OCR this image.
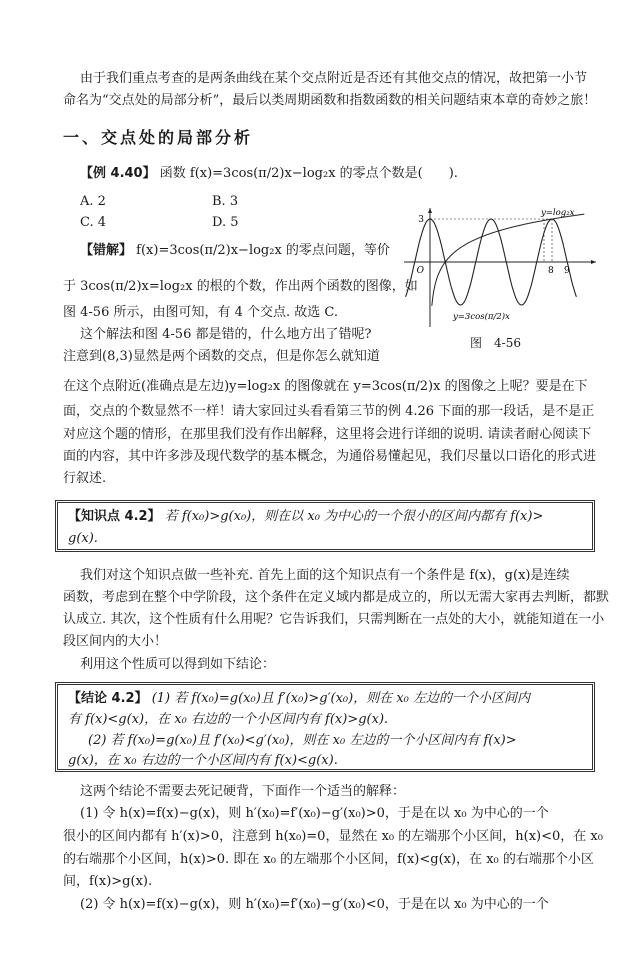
由于我们重点考查的是两条曲线在某个交点附近是否还有其他交点的情况，故把第一小节
命名为“交点处的局部分析”，最后以类周期函数和指数函数的相关问题结束本章的奇妙之旅！
一、交点处的局部分析
【例 4.40】 函数 f(x)=3cos(π/2)x−log₂x 的零点个数是(　　).
A. 2	B. 3
C. 4	D. 5
【错解】 f(x)=3cos(π/2)x−log₂x 的零点问题，等价
于 3cos(π/2)x=log₂x 的根的个数，作出两个函数的图像，如
图 4-56 所示，由图可知，有 4 个交点. 故选 C.
这个解法和图 4-56 都是错的，什么地方出了错呢?
注意到(8,3)显然是两个函数的交点，但是你怎么就知道
3
O	8 9
y=log₂x
y=3cos(π/2)x
图　4-56
在这个点附近(准确点是左边)y=log₂x 的图像就在 y=3cos(π/2)x 的图像之上呢？要是在下
面，交点的个数显然不一样！请大家回过头看看第三节的例 4.26 下面的那一段话，是不是正
对应这个题的情形，在那里我们没有作出解释，这里将会进行详细的说明. 请读者耐心阅读下
面的内容，其中许多涉及现代数学的基本概念，为通俗易懂起见，我们尽量以口语化的形式进
行叙述.
【知识点 4.2】 若 f(x₀)>g(x₀)，则在以 x₀ 为中心的一个很小的区间内都有 f(x)>
g(x).
我们对这个知识点做一些补充. 首先上面的这个知识点有一个条件是 f(x)，g(x)是连续
函数，考虑到在整个中学阶段，这个条件在定义域内都是成立的，所以无需大家再去判断，都默
认成立. 其次，这个性质有什么用呢？它告诉我们，只需判断在一点处的大小，就能知道在一小
段区间内的大小！
利用这个性质可以得到如下结论：
【结论 4.2】 (1) 若 f(x₀)=g(x₀)且 f′(x₀)>g′(x₀)，则在 x₀ 左边的一个小区间内
有 f(x)<g(x)，在 x₀ 右边的一个小区间内有 f(x)>g(x).
(2) 若 f(x₀)=g(x₀)且 f′(x₀)<g′(x₀)，则在 x₀ 左边的一个小区间内有 f(x)>
g(x)，在 x₀ 右边的一个小区间内有 f(x)<g(x).
这两个结论不需要去死记硬背，下面作一个适当的解释：
(1) 令 h(x)=f(x)−g(x)，则 h′(x₀)=f′(x₀)−g′(x₀)>0，于是在以 x₀ 为中心的一个
很小的区间内都有 h′(x)>0，注意到 h(x₀)=0，显然在 x₀ 的左端那个小区间，h(x)<0，在 x₀
的右端那个小区间，h(x)>0. 即在 x₀ 的左端那个小区间，f(x)<g(x)，在 x₀ 的右端那个小区
间，f(x)>g(x).
(2) 令 h(x)=f(x)−g(x)，则 h′(x₀)=f′(x₀)−g′(x₀)<0，于是在以 x₀ 为中心的一个
